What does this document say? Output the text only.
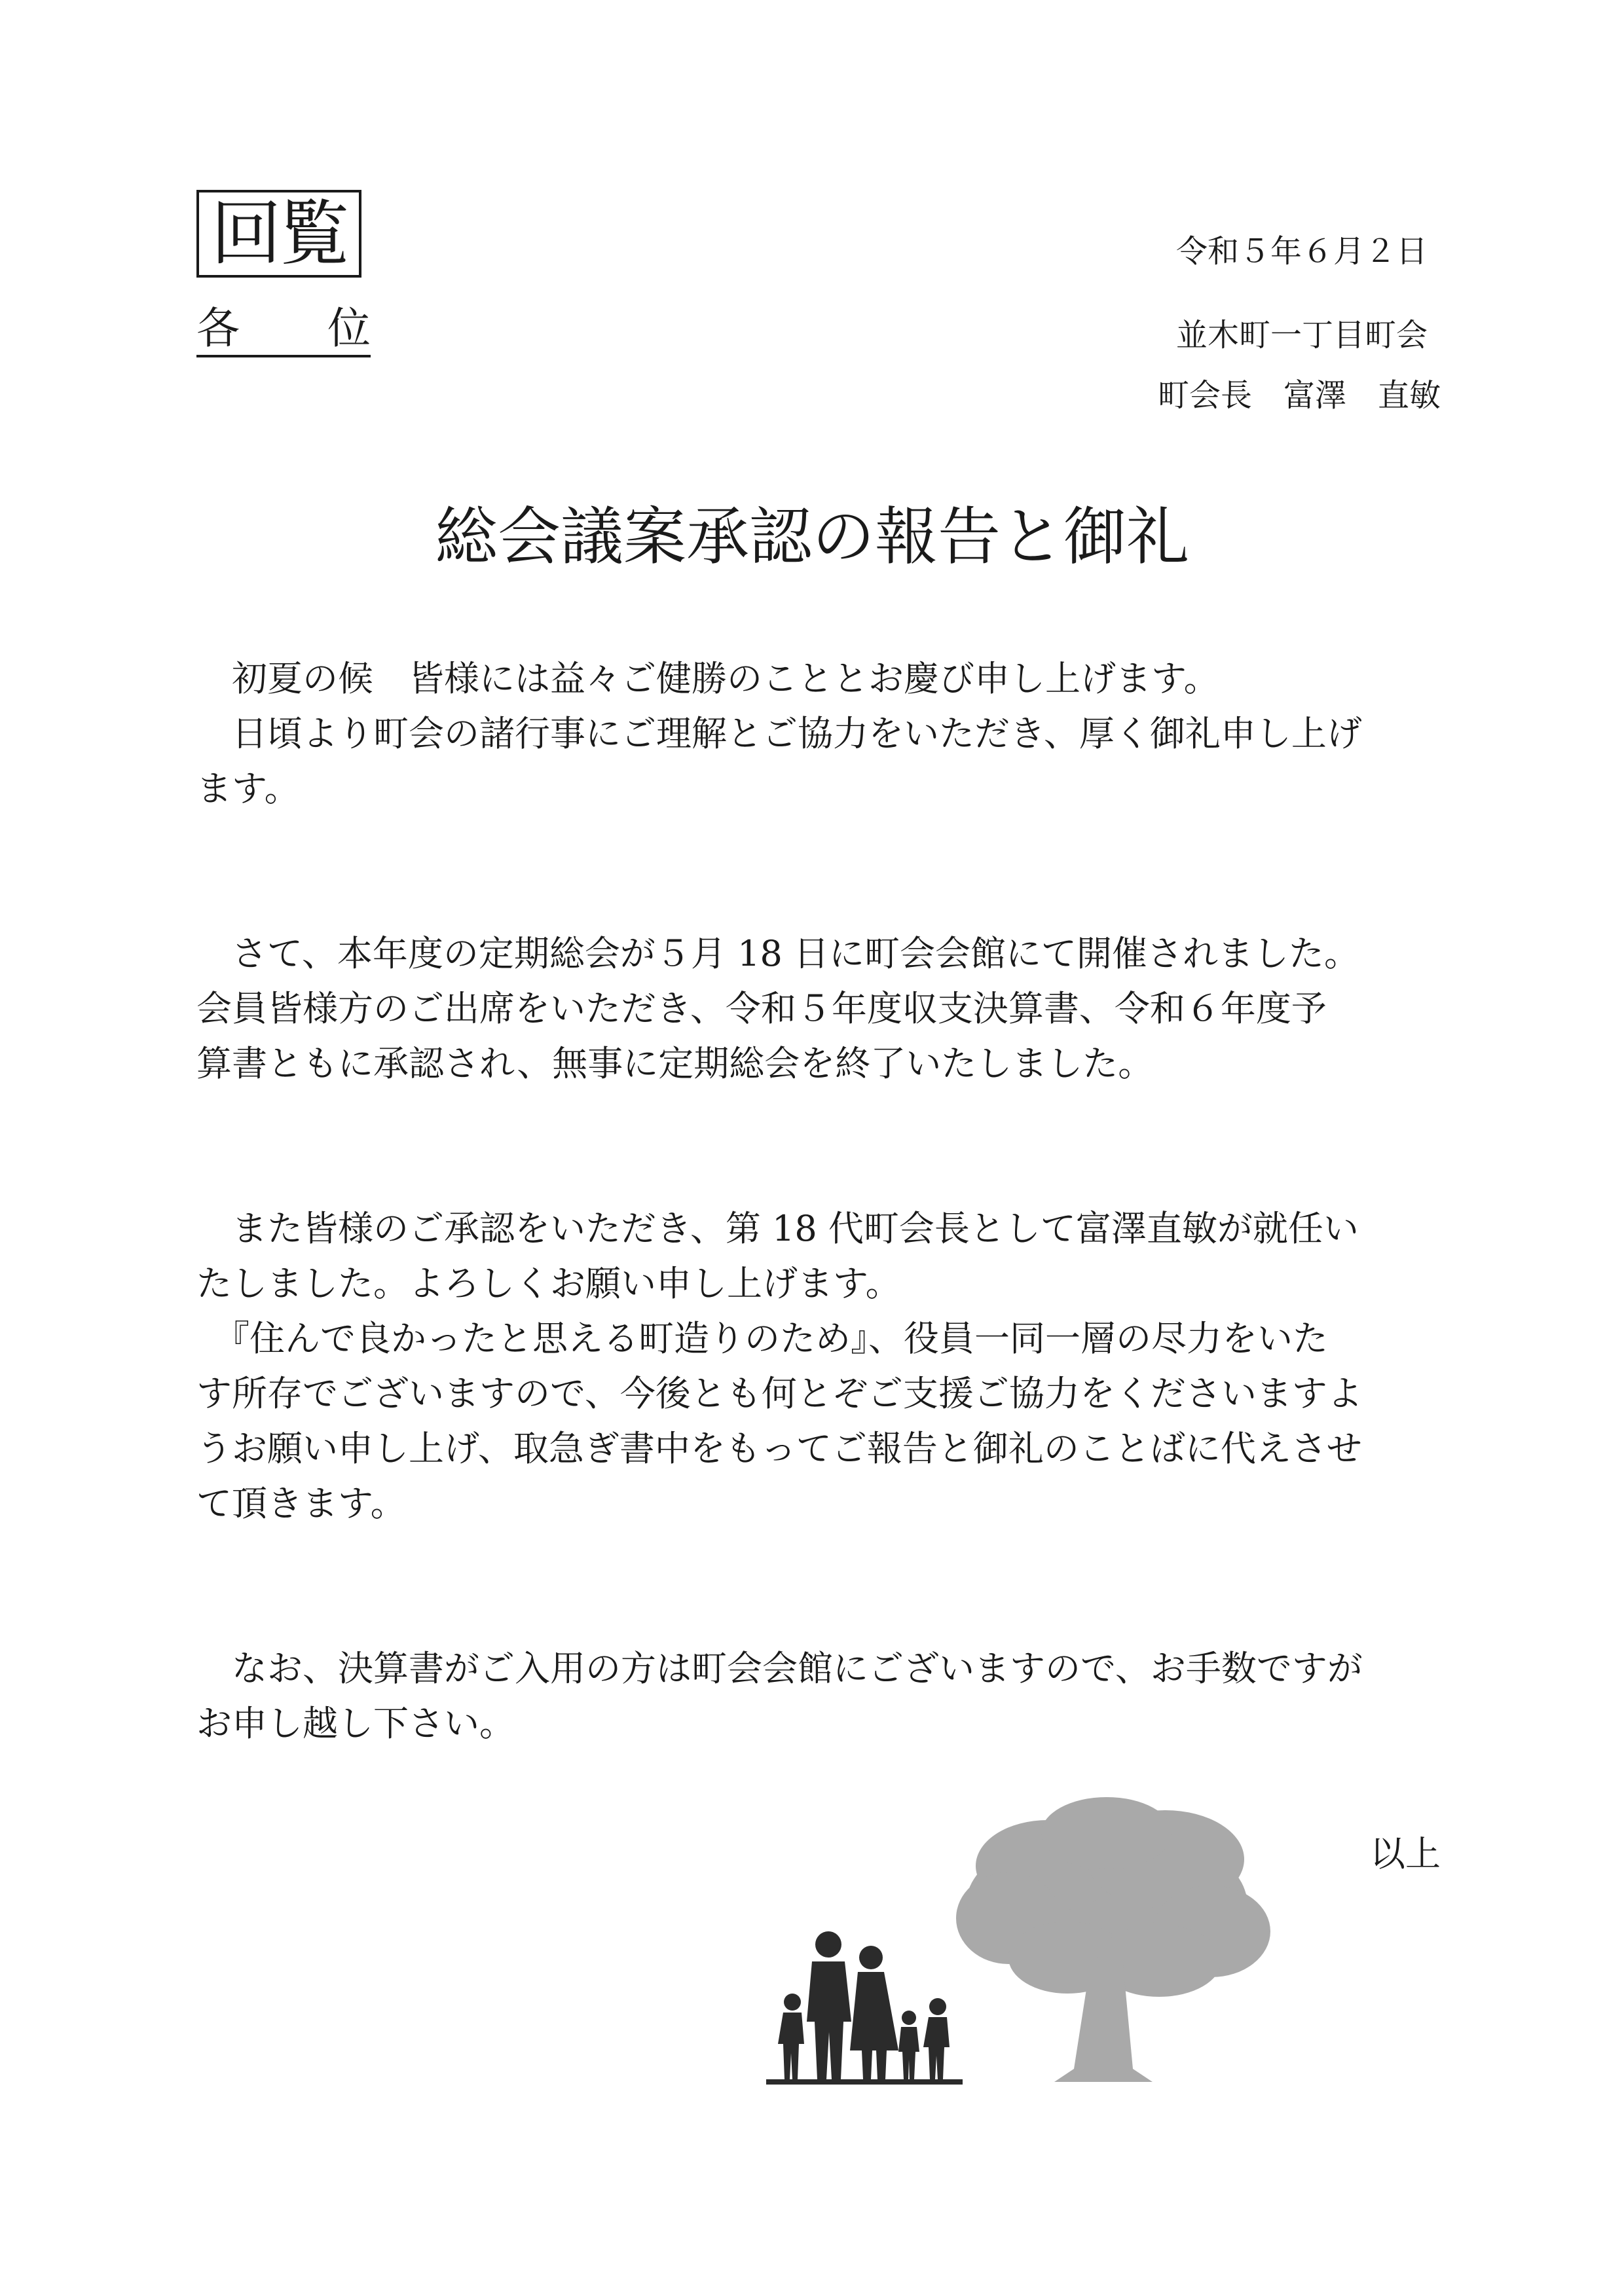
回覧
各　位
令和５年６月２日
並木町一丁目町会
町会長　富澤　直敏
総会議案承認の報告と御礼

　初夏の候　皆様には益々ご健勝のこととお慶び申し上げます。

　日頃より町会の諸行事にご理解とご協力をいただき、厚く御礼申し上げ

ます。

　さて、本年度の定期総会が５月 18 日に町会会館にて開催されました。

会員皆様方のご出席をいただき、令和５年度収支決算書、令和６年度予

算書ともに承認され、無事に定期総会を終了いたしました。

　また皆様のご承認をいただき、第 18 代町会長として富澤直敏が就任い

たしました。よろしくお願い申し上げます。

　『住んで良かったと思える町造りのため』、役員一同一層の尽力をいた

す所存でございますので、今後とも何とぞご支援ご協力をくださいますよ

うお願い申し上げ、取急ぎ書中をもってご報告と御礼のことばに代えさせ

て頂きます。

　なお、決算書がご入用の方は町会会館にございますので、お手数ですが

お申し越し下さい。

以上
